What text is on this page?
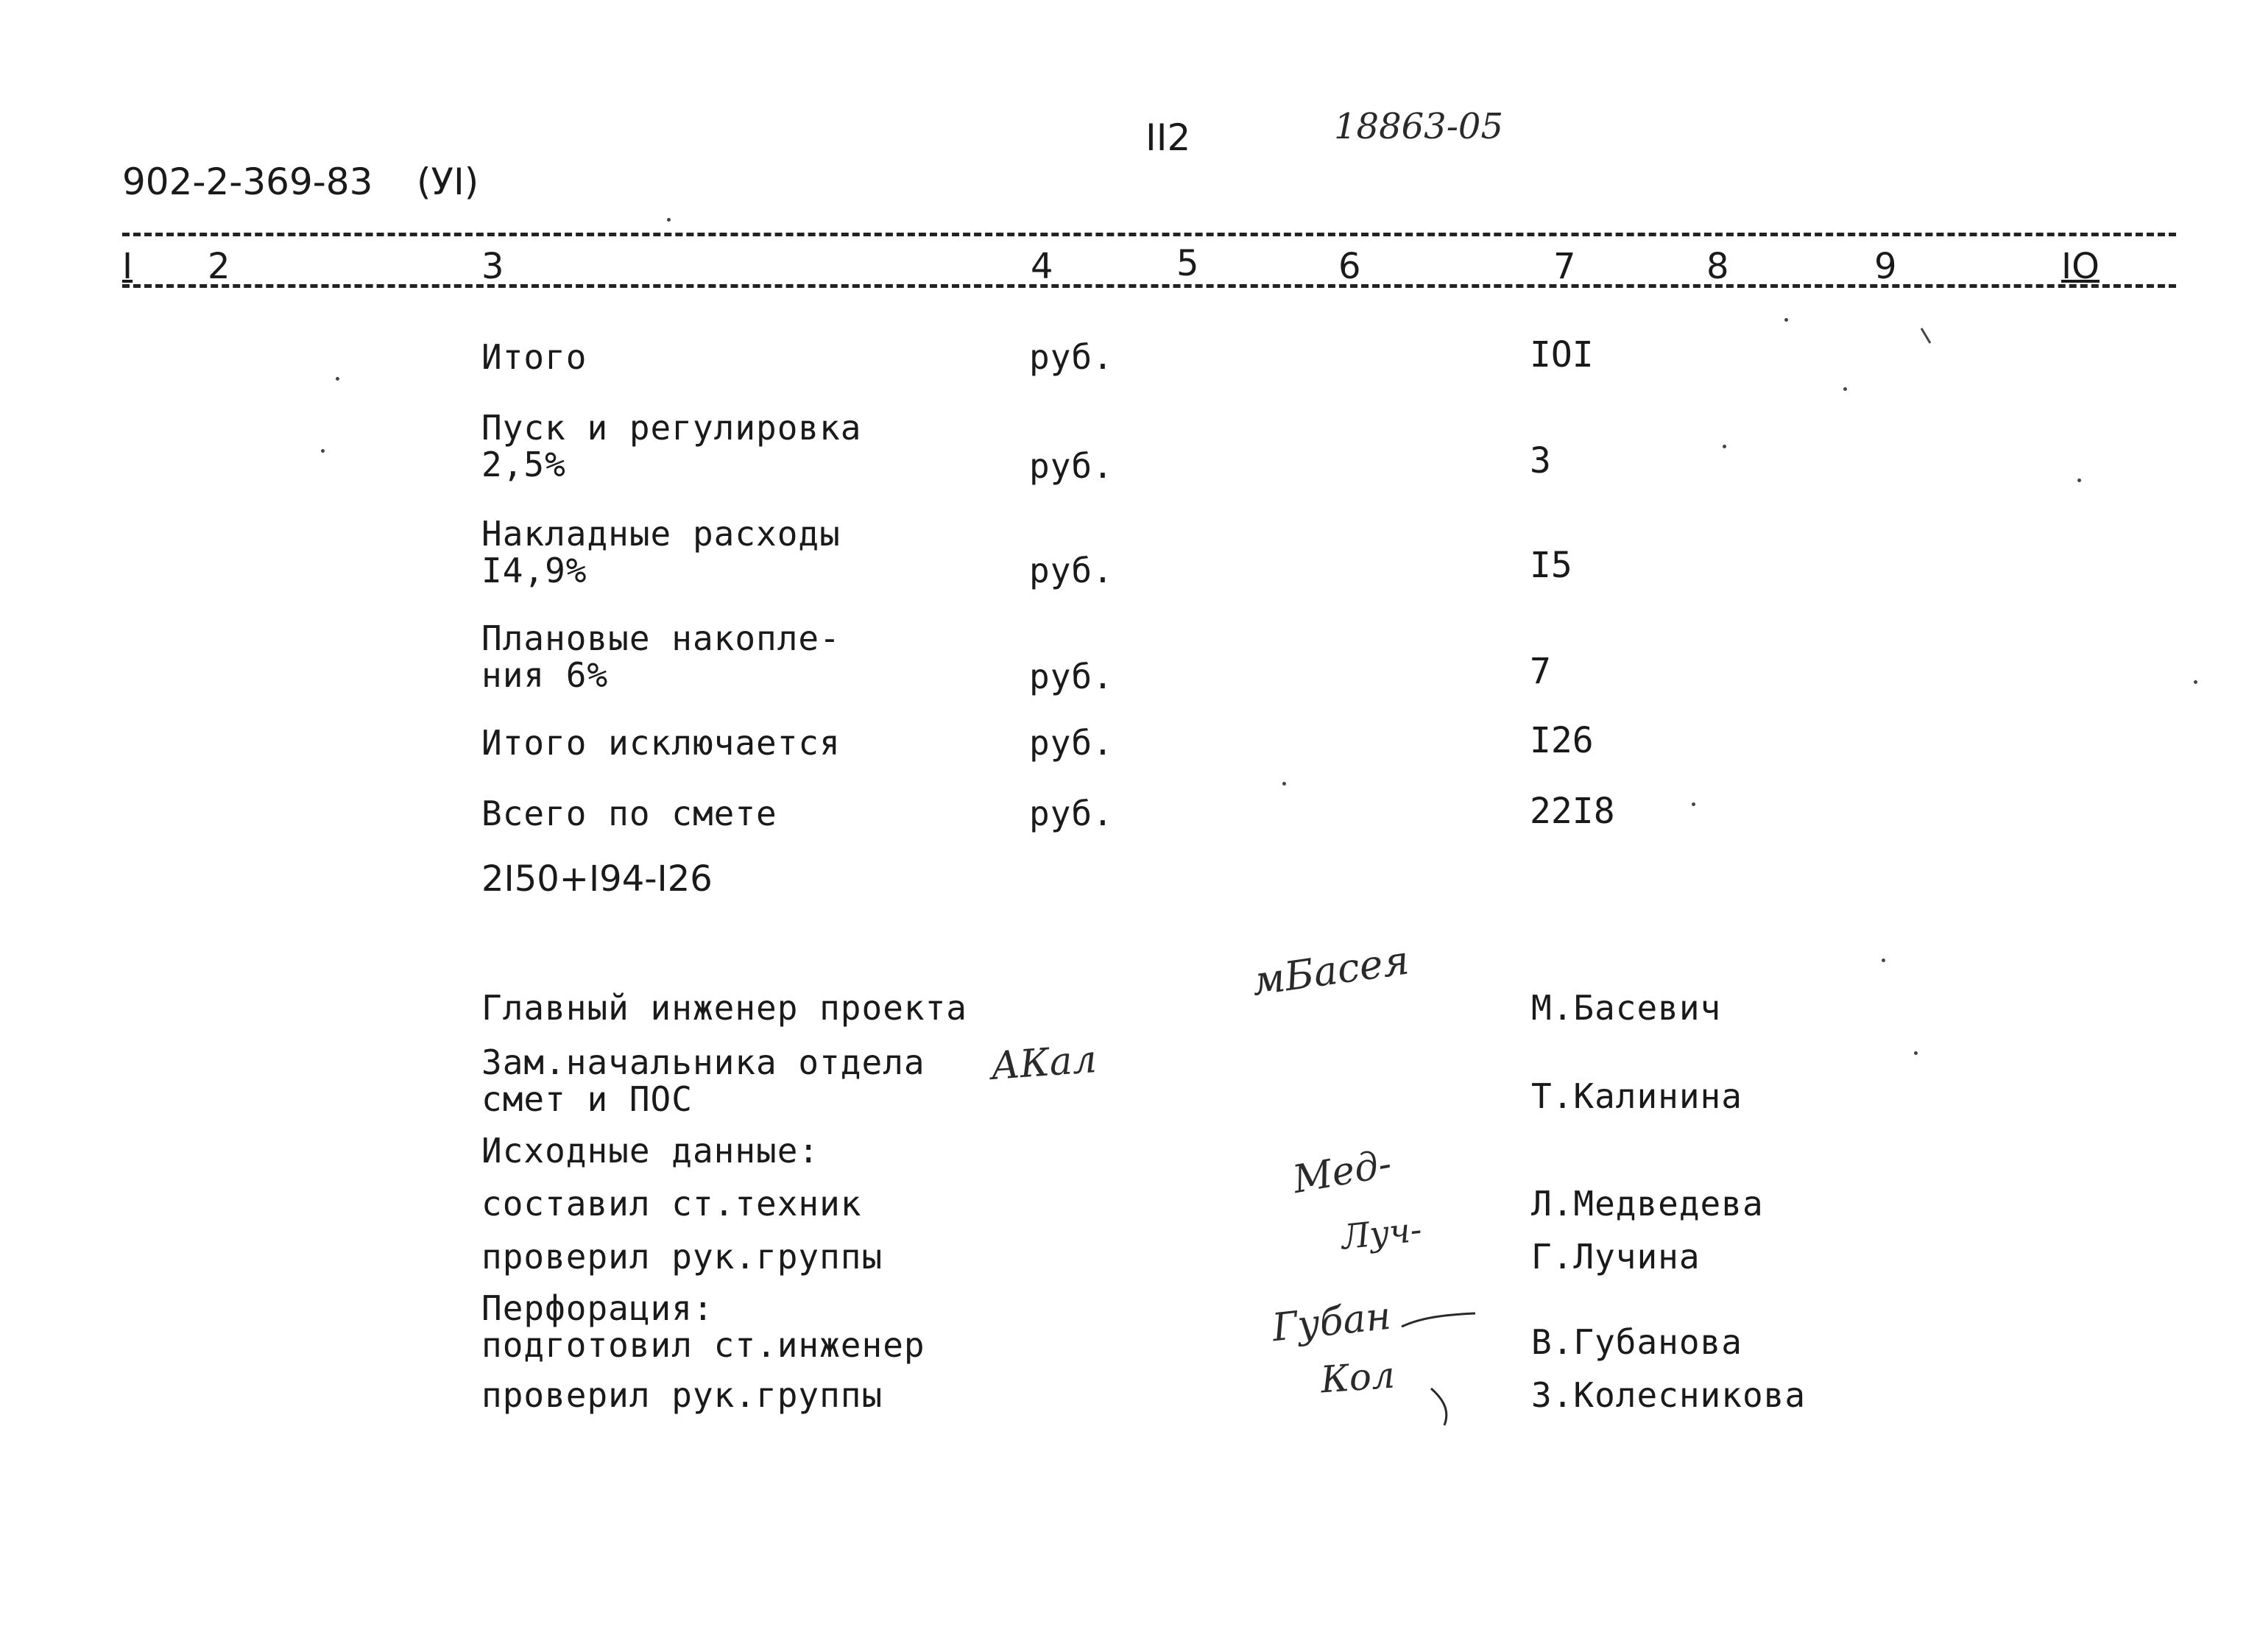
902-2-369-83 (УI)
II2	18863-05
I 2	3	4	5	6	7	8	9	IO
Итого	руб.	IOI
Пуск и регулировка
2,5%	руб.	3
Накладные расходы
I4,9%	руб.	I5
Плановые накопле-
ния 6%	руб.	7
Итого исключается	руб.	I26
Всего по смете	руб.	22I8
2I50+I94-I26
Главный инженер проекта	М.Басевич
Зам.начальника отдела
смет и ПОС	Т.Калинина
Исходные данные:
составил ст.техник	Л.Медведева
проверил рук.группы	Г.Лучина
Перфорация:
подготовил ст.инженер	В.Губанова
проверил рук.группы	З.Колесникова
мБасея
АКал
Мед-
Луч-
Губан
Кол
